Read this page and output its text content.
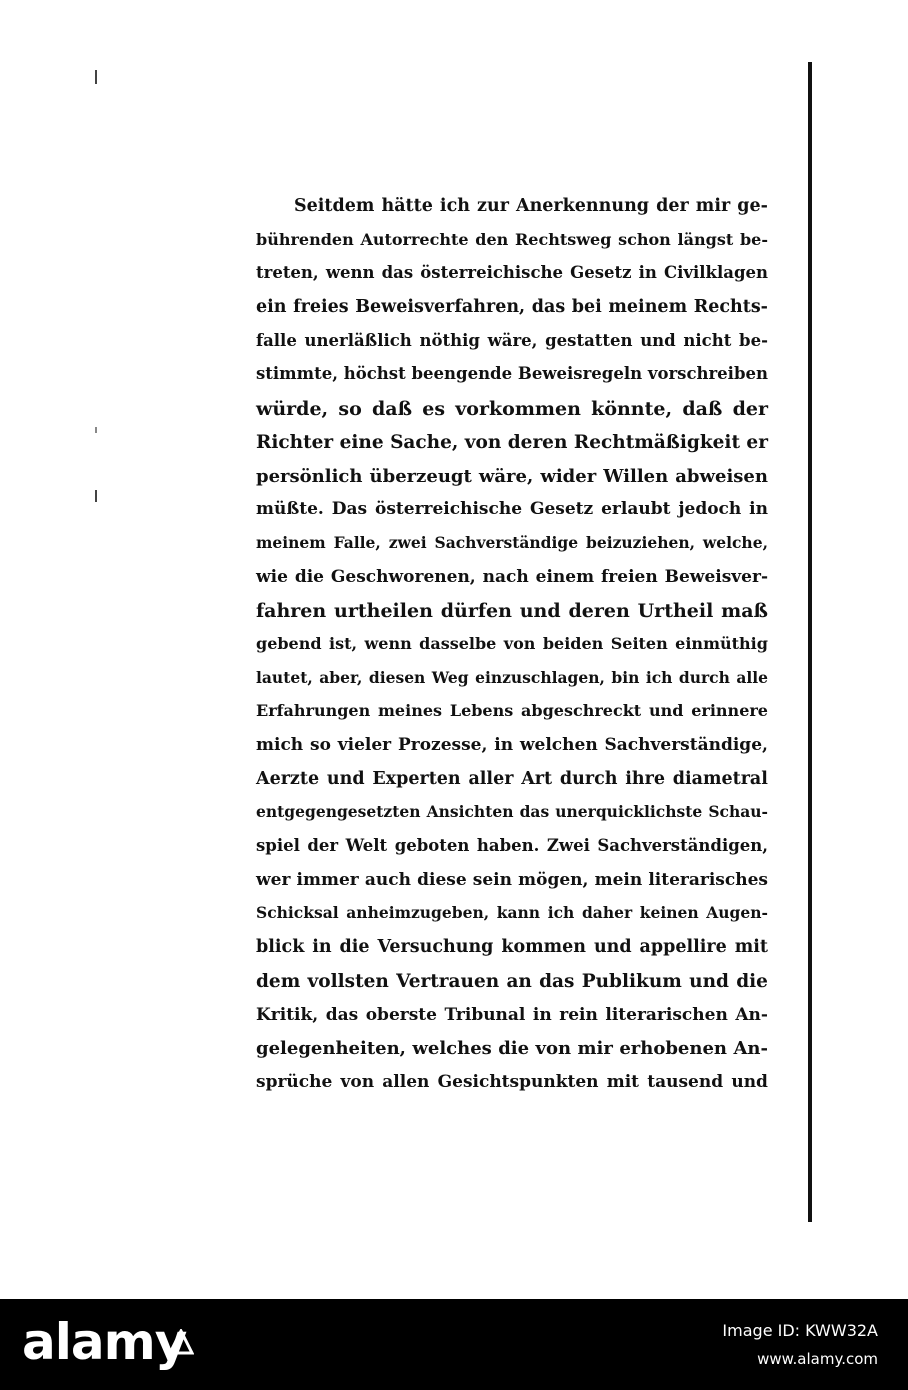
Seitdem hätte ich zur Anerkennung der mir ge-
bührenden Autorrechte den Rechtsweg schon längst be-
treten, wenn das österreichische Gesetz in Civilklagen
ein freies Beweisverfahren, das bei meinem Rechts-
falle unerläßlich nöthig wäre, gestatten und nicht be-
stimmte, höchst beengende Beweisregeln vorschreiben
würde, so daß es vorkommen könnte, daß der
Richter eine Sache, von deren Rechtmäßigkeit er
persönlich überzeugt wäre, wider Willen abweisen
müßte. Das österreichische Gesetz erlaubt jedoch in
meinem Falle, zwei Sachverständige beizuziehen, welche,
wie die Geschworenen, nach einem freien Beweisver-
fahren urtheilen dürfen und deren Urtheil maß
gebend ist, wenn dasselbe von beiden Seiten einmüthig
lautet, aber, diesen Weg einzuschlagen, bin ich durch alle
Erfahrungen meines Lebens abgeschreckt und erinnere
mich so vieler Prozesse, in welchen Sachverständige,
Aerzte und Experten aller Art durch ihre diametral
entgegengesetzten Ansichten das unerquicklichste Schau-
spiel der Welt geboten haben. Zwei Sachverständigen,
wer immer auch diese sein mögen, mein literarisches
Schicksal anheimzugeben, kann ich daher keinen Augen-
blick in die Versuchung kommen und appellire mit
dem vollsten Vertrauen an das Publikum und die
Kritik, das oberste Tribunal in rein literarischen An-
gelegenheiten, welches die von mir erhobenen An-
sprüche von allen Gesichtspunkten mit tausend und
alamy	Image ID: KWW32A
www.alamy.com
